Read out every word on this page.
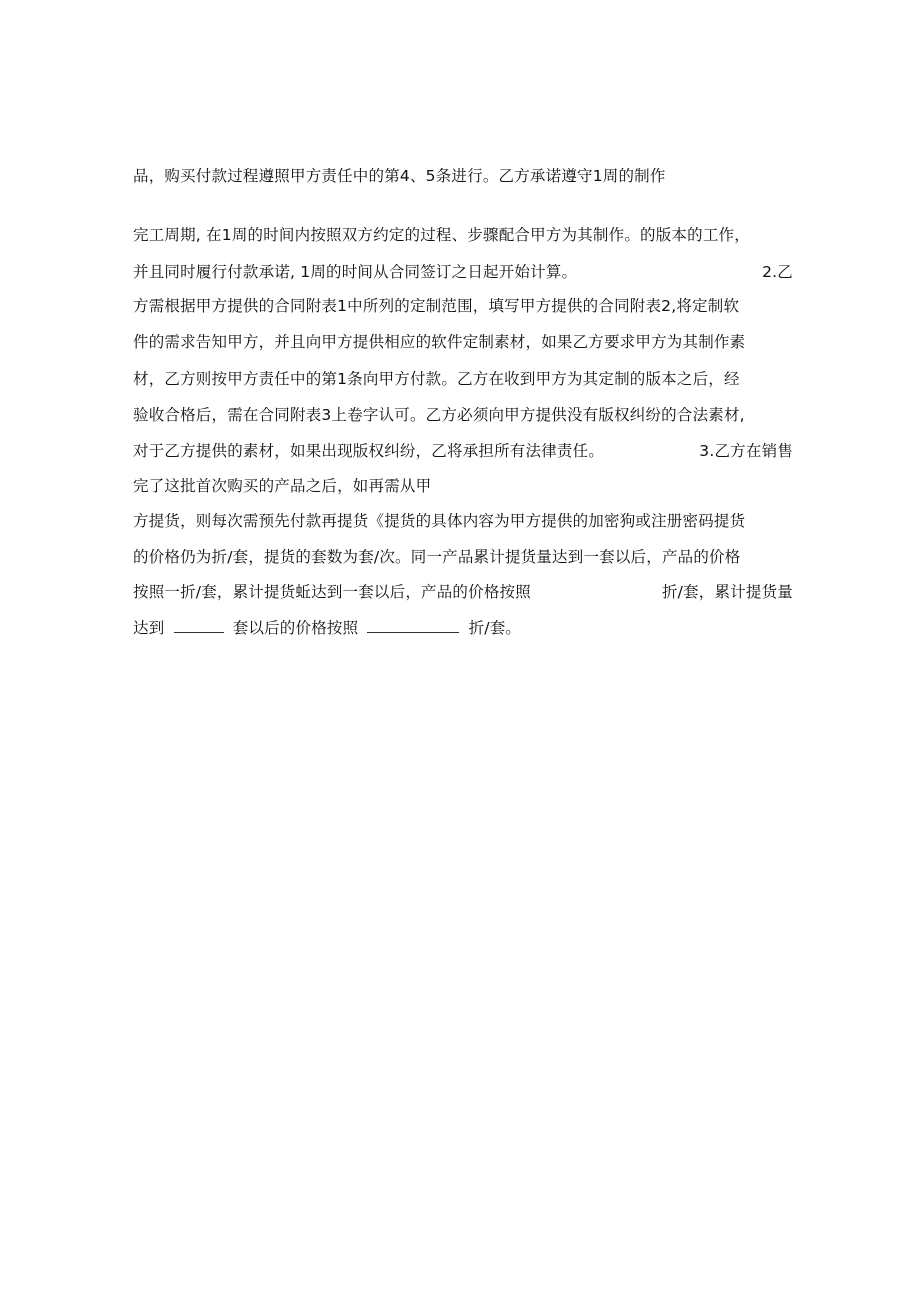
品，购买付款过程遵照甲方责任中的第4、5条进行。乙方承诺遵守1周的制作
完工周期, 在1周的时间内按照双方约定的过程、步骤配合甲方为其制作。的版本的工作，
并且同时履行付款承诺, 1周的时间从合同签订之日起开始计算。	2.乙
方需根据甲方提供的合同附表1中所列的定制范围，填写甲方提供的合同附表2,将定制软
件的需求告知甲方，并且向甲方提供相应的软件定制素材，如果乙方要求甲方为其制作素
材，乙方则按甲方责任中的第1条向甲方付款。乙方在收到甲方为其定制的版本之后，经
验收合格后，需在合同附表3上卷字认可。乙方必须向甲方提供没有版权纠纷的合法素材,
对于乙方提供的素材，如果出现版权纠纷，乙将承担所有法律责任。	3.乙方在销售
完了这批首次购买的产品之后，如再需从甲
方提货，则每次需预先付款再提货《提货的具体内容为甲方提供的加密狗或注册密码提货
的价格仍为折/套，提货的套数为套/次。同一产品累计提货量达到一套以后，产品的价格
按照一折/套，累计提货蚯达到一套以后，产品的价格按照	折/套，累计提货量
达到	套以后的价格按照	折/套。
